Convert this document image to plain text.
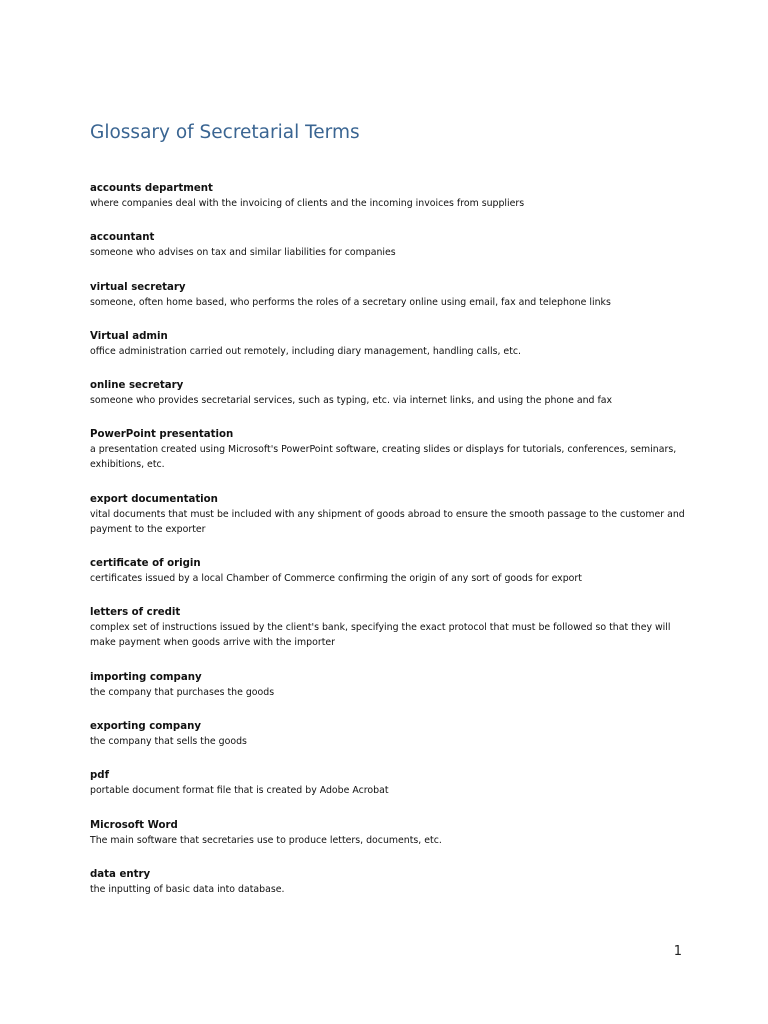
Glossary of Secretarial Terms
accounts department
where companies deal with the invoicing of clients and the incoming invoices from suppliers
accountant
someone who advises on tax and similar liabilities for companies
virtual secretary
someone, often home based, who performs the roles of a secretary online using email, fax and telephone links
Virtual admin
office administration carried out remotely, including diary management, handling calls, etc.
online secretary
someone who provides secretarial services, such as typing, etc. via internet links, and using the phone and fax
PowerPoint presentation
a presentation created using Microsoft's PowerPoint software, creating slides or displays for tutorials, conferences, seminars, exhibitions, etc.
export documentation
vital documents that must be included with any shipment of goods abroad to ensure the smooth passage to the customer and payment to the exporter
certificate of origin
certificates issued by a local Chamber of Commerce confirming the origin of any sort of goods for export
letters of credit
complex set of instructions issued by the client's bank, specifying the exact protocol that must be followed so that they will make payment when goods arrive with the importer
importing company
the company that purchases the goods
exporting company
the company that sells the goods
pdf
portable document format file that is created by Adobe Acrobat
Microsoft Word
The main software that secretaries use to produce letters, documents, etc.
data entry
the inputting of basic data into database.
1
